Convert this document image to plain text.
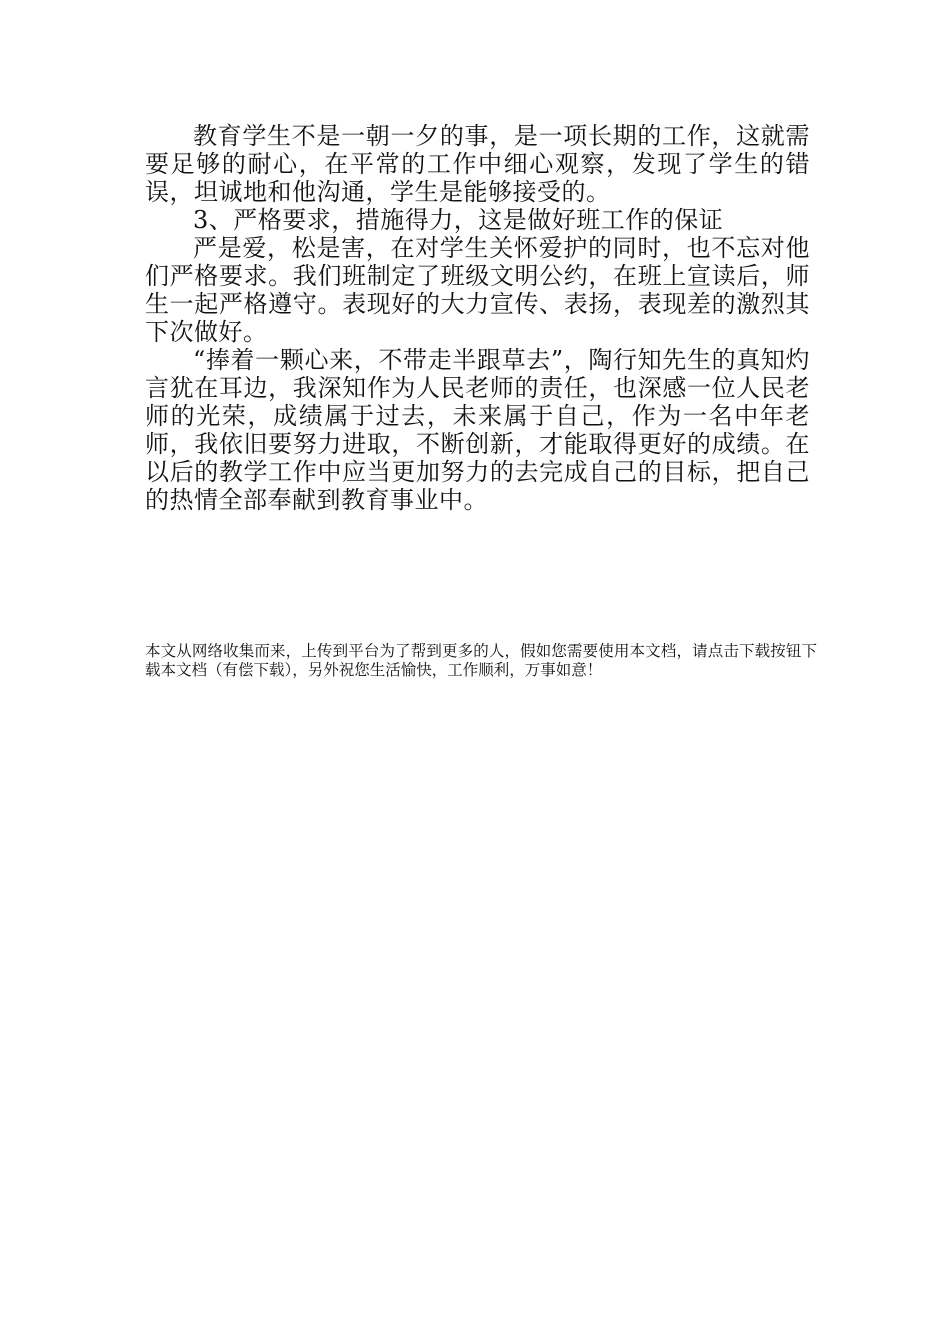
教育学生不是一朝一夕的事，是一项长期的工作，这就需要足够的耐心，在平常的工作中细心观察，发现了学生的错误，坦诚地和他沟通，学生是能够接受的。

3、严格要求，措施得力，这是做好班工作的保证

严是爱，松是害，在对学生关怀爱护的同时，也不忘对他们严格要求。我们班制定了班级文明公约，在班上宣读后，师生一起严格遵守。表现好的大力宣传、表扬，表现差的激烈其下次做好。

“捧着一颗心来，不带走半跟草去”，陶行知先生的真知灼言犹在耳边，我深知作为人民老师的责任，也深感一位人民老师的光荣，成绩属于过去，未来属于自己，作为一名中年老师，我依旧要努力进取，不断创新，才能取得更好的成绩。在以后的教学工作中应当更加努力的去完成自己的目标，把自己的热情全部奉献到教育事业中。

本文从网络收集而来，上传到平台为了帮到更多的人，假如您需要使用本文档，请点击下载按钮下载本文档（有偿下载），另外祝您生活愉快，工作顺利，万事如意！
